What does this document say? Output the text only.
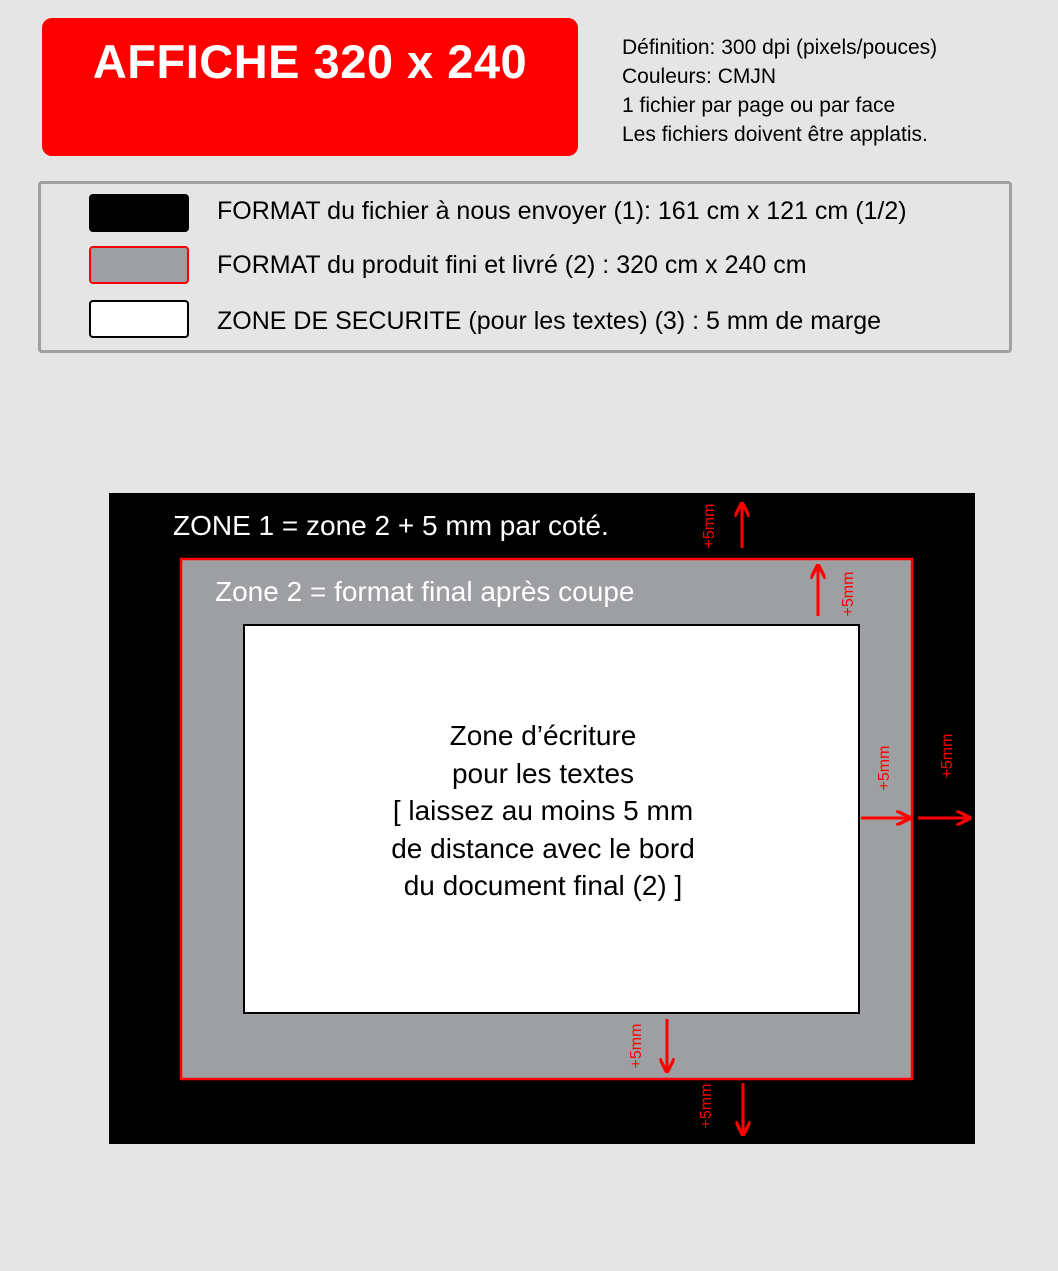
AFFICHE 320 x 240	Définition: 300 dpi (pixels/pouces)
Couleurs: CMJN
1 fichier par page ou par face
Les fichiers doivent être applatis.
FORMAT du fichier à nous envoyer (1): 161 cm x 121 cm (1/2)
FORMAT du produit fini et livré (2) : 320 cm x 240 cm
ZONE DE SECURITE (pour les textes) (3) : 5 mm de marge
ZONE 1 = zone 2 + 5 mm par coté.
Zone 2 = format final après coupe
Zone d’écriture
pour les textes
[ laissez au moins 5 mm
de distance avec le bord
du document final (2) ]
+5mm
+5mm
+5mm	+5mm
+5mm
+5mm
